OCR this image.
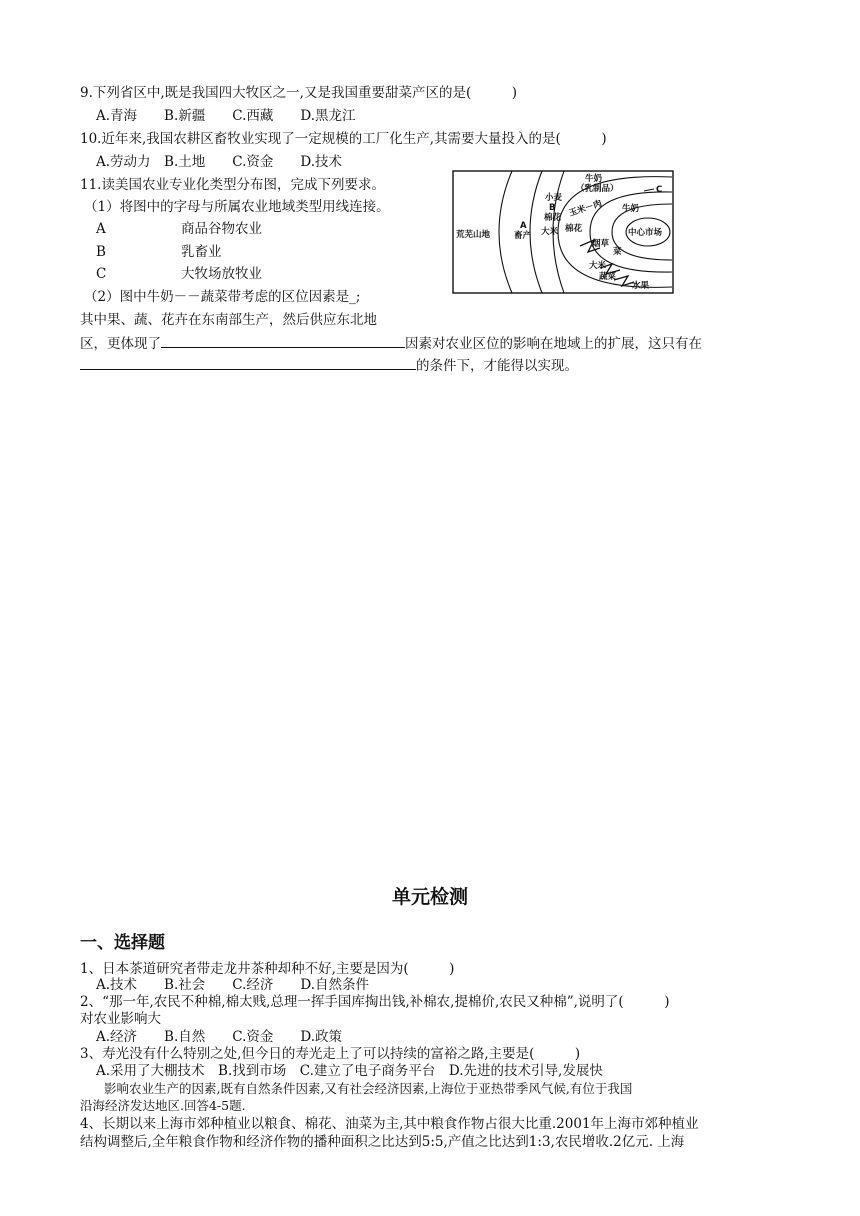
9.下列省区中,既是我国四大牧区之一,又是我国重要甜菜产区的是(　　　)
A.青海　　B.新疆　　C.西藏　　D.黑龙江
10.近年来,我国农耕区畜牧业实现了一定规模的工厂化生产,其需要大量投入的是(　　　)
A.劳动力　B.土地　　C.资金　　D.技术
11.读美国农业专业化类型分布图，完成下列要求。
（1）将图中的字母与所属农业地域类型用线连接。
A	商品谷物农业
B	乳畜业
C	大牧场放牧业
（2）图中牛奶－－蔬菜带考虑的区位因素是_;
其中果、蔬、花卉在东南部生产，然后供应东北地
区，更体现了	因素对农业区位的影响在地域上的扩展，这只有在
的条件下，才能得以实现。
荒芜山地
A
畜产
小麦
B
棉花
大米
牛奶
（乳制品）	C
玉米－肉
棉花
烟草
大米
蔬菜
水果
牛奶
菜
中心市场
单元检测
一、选择题
1、日本茶道研究者带走龙井茶种却种不好,主要是因为(　　　)
A.技术　　B.社会　　C.经济　　D.自然条件
2、“那一年,农民不种棉,棉太贱,总理一挥手国库掏出钱,补棉农,提棉价,农民又种棉”,说明了(　　　)
对农业影响大
A.经济　　B.自然　　C.资金　　D.政策
3、寿光没有什么特别之处,但今日的寿光走上了可以持续的富裕之路,主要是(　　　)
A.采用了大棚技术　B.找到市场　C.建立了电子商务平台　D.先进的技术引导,发展快
影响农业生产的因素,既有自然条件因素,又有社会经济因素,上海位于亚热带季风气候,有位于我国
沿海经济发达地区.回答4-5题.
4、长期以来上海市郊种植业以粮食、棉花、油菜为主,其中粮食作物占很大比重.2001年上海市郊种植业
结构调整后,全年粮食作物和经济作物的播种面积之比达到5:5,产值之比达到1:3,农民增收.2亿元. 上海
